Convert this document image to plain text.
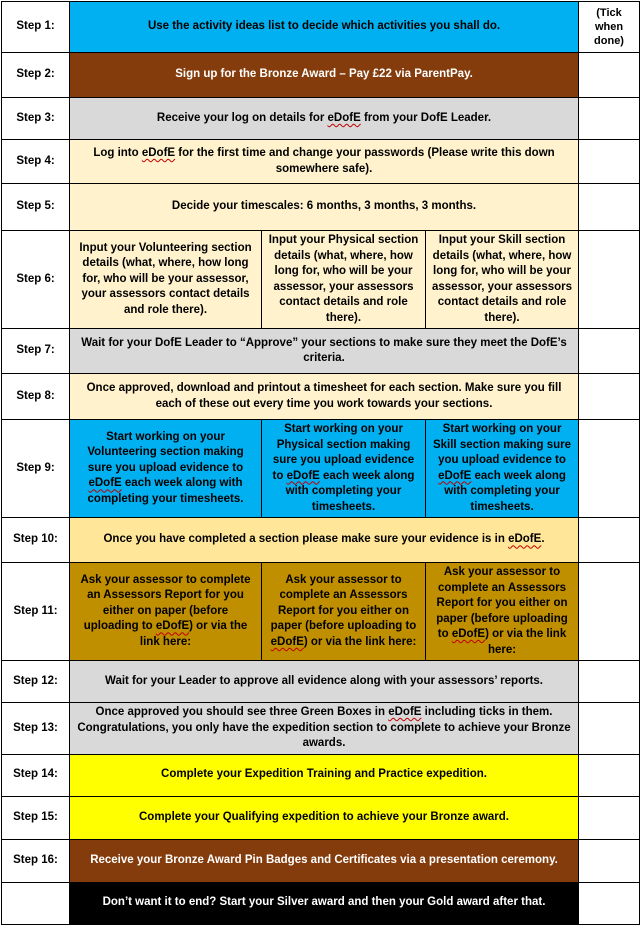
Step 1:	Use the activity ideas list to decide which activities you shall do.			(Tick when done)
Step 2:	Sign up for the Bronze Award – Pay £22 via ParentPay.			
Step 3:	Receive your log on details for eDofE from your DofE Leader.			
Step 4:	Log into eDofE for the first time and change your passwords (Please write this down somewhere safe).			
Step 5:	Decide your timescales: 6 months, 3 months, 3 months.			
Step 6:	Input your Volunteering section details (what, where, how long for, who will be your assessor, your assessors contact details and role there).	Input your Physical section details (what, where, how long for, who will be your assessor, your assessors contact details and role there).	Input your Skill section details (what, where, how long for, who will be your assessor, your assessors contact details and role there).	
Step 7:	Wait for your DofE Leader to “Approve” your sections to make sure they meet the DofE’s criteria.			
Step 8:	Once approved, download and printout a timesheet for each section. Make sure you fill each of these out every time you work towards your sections.			
Step 9:	Start working on your Volunteering section making sure you upload evidence to eDofE each week along with completing your timesheets.	Start working on your Physical section making sure you upload evidence to eDofE each week along with completing your timesheets.	Start working on your Skill section making sure you upload evidence to eDofE each week along with completing your timesheets.	
Step 10:	Once you have completed a section please make sure your evidence is in eDofE.			
Step 11:	Ask your assessor to complete an Assessors Report for you either on paper (before uploading to eDofE) or via the link here:	Ask your assessor to complete an Assessors Report for you either on paper (before uploading to eDofE) or via the link here:	Ask your assessor to complete an Assessors Report for you either on paper (before uploading to eDofE) or via the link here:	
Step 12:	Wait for your Leader to approve all evidence along with your assessors’ reports.			
Step 13:	Once approved you should see three Green Boxes in eDofE including ticks in them. Congratulations, you only have the expedition section to complete to achieve your Bronze awards.			
Step 14:	Complete your Expedition Training and Practice expedition.			
Step 15:	Complete your Qualifying expedition to achieve your Bronze award.			
Step 16:	Receive your Bronze Award Pin Badges and Certificates via a presentation ceremony.			
	Don’t want it to end? Start your Silver award and then your Gold award after that.			
